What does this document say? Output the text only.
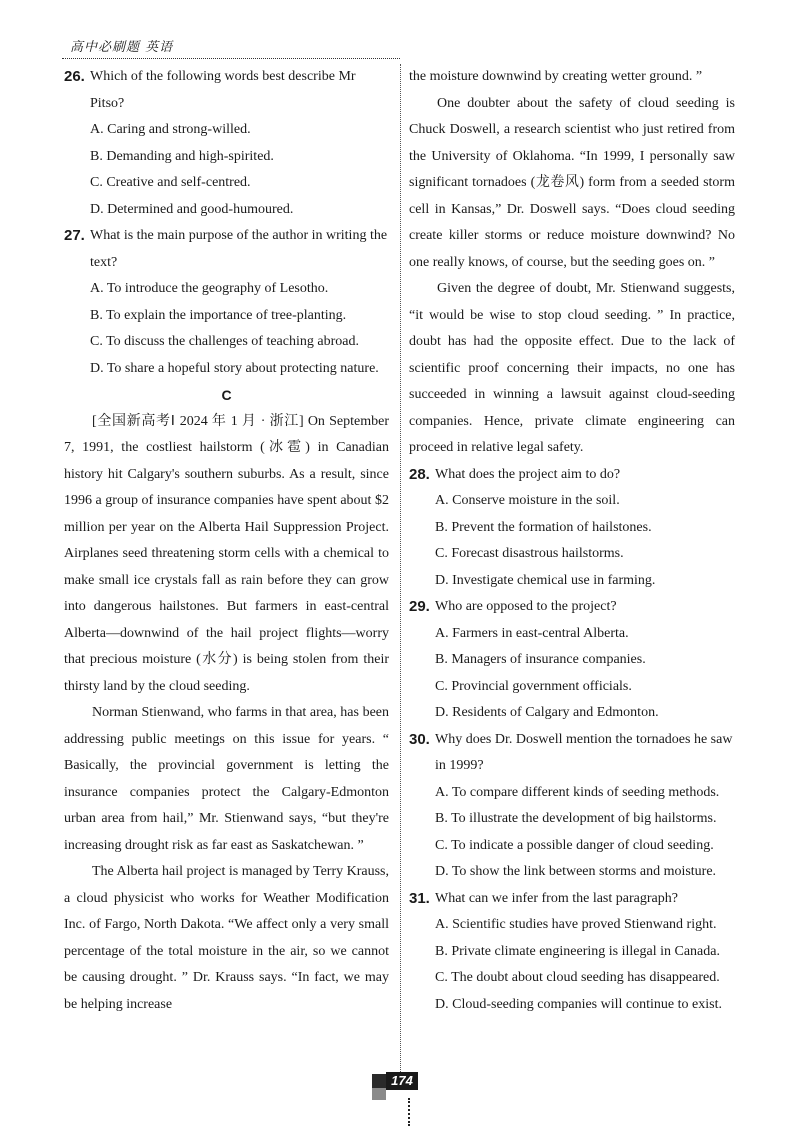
高中必刷题 英语
26. Which of the following words best describe Mr Pitso?
A. Caring and strong-willed.
B. Demanding and high-spirited.
C. Creative and self-centred.
D. Determined and good-humoured.
27. What is the main purpose of the author in writing the text?
A. To introduce the geography of Lesotho.
B. To explain the importance of tree-planting.
C. To discuss the challenges of teaching abroad.
D. To share a hopeful story about protecting nature.
C

[全国新高考Ⅰ 2024 年 1 月 · 浙江] On September 7, 1991, the costliest hailstorm (冰雹) in Canadian history hit Calgary's southern suburbs. As a result, since 1996 a group of insurance companies have spent about $2 million per year on the Alberta Hail Suppression Project. Airplanes seed threatening storm cells with a chemical to make small ice crystals fall as rain before they can grow into dangerous hailstones. But farmers in east-central Alberta—downwind of the hail project flights—worry that precious moisture (水分) is being stolen from their thirsty land by the cloud seeding.

Norman Stienwand, who farms in that area, has been addressing public meetings on this issue for years. “ Basically, the provincial government is letting the insurance companies protect the Calgary-Edmonton urban area from hail,” Mr. Stienwand says, “but they're increasing drought risk as far east as Saskatchewan. ”

The Alberta hail project is managed by Terry Krauss, a cloud physicist who works for Weather Modification Inc. of Fargo, North Dakota. “We affect only a very small percentage of the total moisture in the air, so we cannot be causing drought. ” Dr. Krauss says. “In fact, we may be helping increase

the moisture downwind by creating wetter ground. ”

One doubter about the safety of cloud seeding is Chuck Doswell, a research scientist who just retired from the University of Oklahoma. “In 1999, I personally saw significant tornadoes (龙卷风) form from a seeded storm cell in Kansas,” Dr. Doswell says. “Does cloud seeding create killer storms or reduce moisture downwind? No one really knows, of course, but the seeding goes on. ”

Given the degree of doubt, Mr. Stienwand suggests, “it would be wise to stop cloud seeding. ” In practice, doubt has had the opposite effect. Due to the lack of scientific proof concerning their impacts, no one has succeeded in winning a lawsuit against cloud-seeding companies. Hence, private climate engineering can proceed in relative legal safety.

28. What does the project aim to do?
A. Conserve moisture in the soil.
B. Prevent the formation of hailstones.
C. Forecast disastrous hailstorms.
D. Investigate chemical use in farming.
29. Who are opposed to the project?
A. Farmers in east-central Alberta.
B. Managers of insurance companies.
C. Provincial government officials.
D. Residents of Calgary and Edmonton.
30. Why does Dr. Doswell mention the tornadoes he saw in 1999?
A. To compare different kinds of seeding methods.
B. To illustrate the development of big hailstorms.
C. To indicate a possible danger of cloud seeding.
D. To show the link between storms and moisture.
31. What can we infer from the last paragraph?
A. Scientific studies have proved Stienwand right.
B. Private climate engineering is illegal in Canada.
C. The doubt about cloud seeding has disappeared.
D. Cloud-seeding companies will continue to exist.
174
